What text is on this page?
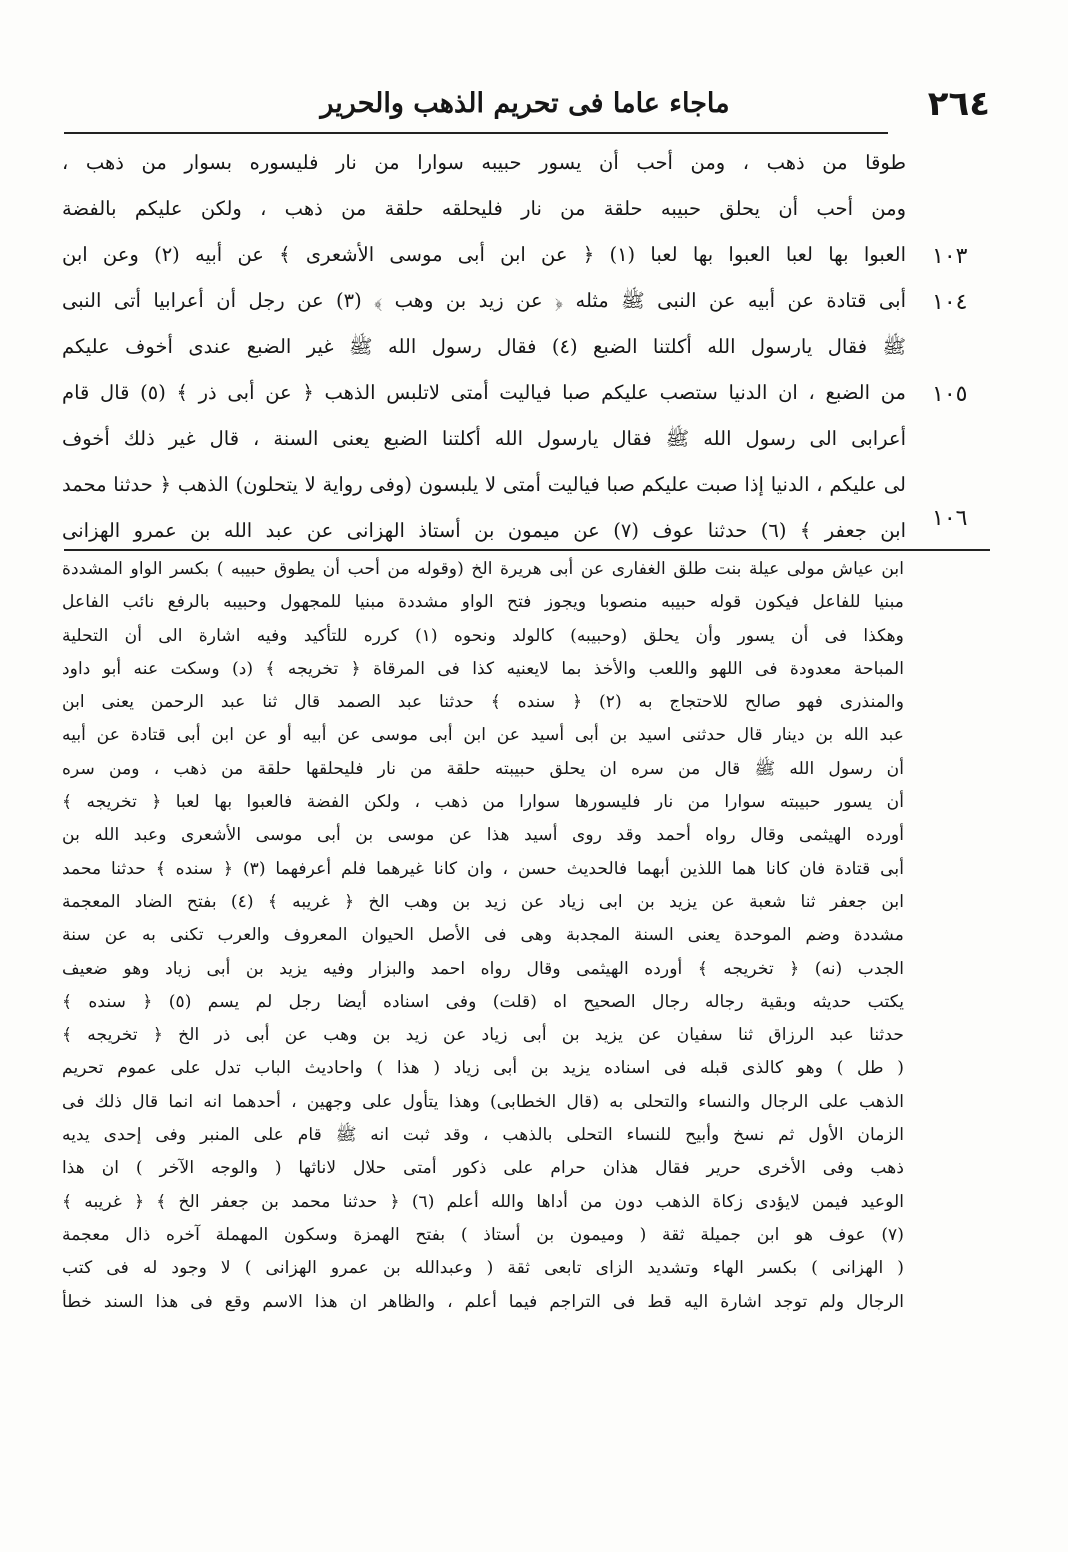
٢٦٤
ماجاء عاما فى تحريم الذهب والحرير
طوقا من ذهب ، ومن أحب أن يسور حبيبه سوارا من نار فليسوره بسوار من ذهب ،
ومن أحب أن يحلق حبيبه حلقة من نار فليحلقه حلقة من ذهب ، ولكن عليكم بالفضة
العبوا بها لعبا العبوا بها لعبا (١) ﴿ عن ابن أبى موسى الأشعرى ﴾ عن أبيه (٢) وعن ابن
أبى قتادة عن أبيه عن النبى ﷺ مثله ﴿ عن زيد بن وهب ﴾ (٣) عن رجل أن أعرابيا أتى النبى
ﷺ فقال يارسول الله أكلتنا الضبع (٤) فقال رسول الله ﷺ غير الضبع عندى أخوف عليكم
من الضبع ، ان الدنيا ستصب عليكم صبا فياليت أمتى لاتلبس الذهب ﴿ عن أبى ذر ﴾ (٥) قال قام
أعرابى الى رسول الله ﷺ فقال يارسول الله أكلتنا الضبع يعنى السنة ، قال غير ذلك أخوف
لى عليكم ، الدنيا إذا صبت عليكم صبا فياليت أمتى لا يلبسون (وفى رواية لا يتحلون) الذهب ﴿ حدثنا محمد
ابن جعفر ﴾ (٦) حدثنا عوف (٧) عن ميمون بن أستاذ الهزانى عن عبد الله بن عمرو الهزانى
١٠٣
١٠٤
١٠٥
١٠٦
ابن عياش مولى عيلة بنت طلق الغفارى عن أبى هريرة الخ (وقوله من أحب أن يطوق حبيبه ) بكسر الواو المشددة
مبنيا للفاعل فيكون قوله حبيبه منصوبا ويجوز فتح الواو مشددة مبنيا للمجهول وحبيبه بالرفع نائب الفاعل
وهكذا فى أن يسور وأن يحلق (وحبيبه) كالولد ونحوه (١) كرره للتأكيد وفيه اشارة الى أن التحلية
المباحة معدودة فى اللهو واللعب والأخذ بما لايعنيه كذا فى المرقاة ﴿ تخريجه ﴾ (د) وسكت عنه أبو داود
والمنذرى فهو صالح للاحتجاج به (٢) ﴿ سنده ﴾ حدثنا عبد الصمد قال ثنا عبد الرحمن يعنى ابن
عبد الله بن دينار قال حدثنى اسيد بن أبى أسيد عن ابن أبى موسى عن أبيه أو عن ابن أبى قتادة عن أبيه
أن رسول الله ﷺ قال من سره ان يحلق حبيبته حلقة من نار فليحلقها حلقة من ذهب ، ومن سره
أن يسور حبيبته سوارا من نار فليسورها سوارا من ذهب ، ولكن الفضة فالعبوا بها لعبا ﴿ تخريجه ﴾
أورده الهيثمى وقال رواه أحمد وقد روى أسيد هذا عن موسى بن أبى موسى الأشعرى وعبد الله بن
أبى قتادة فان كانا هما اللذين أبهما فالحديث حسن ، وان كانا غيرهما فلم أعرفهما (٣) ﴿ سنده ﴾ حدثنا محمد
ابن جعفر ثنا شعبة عن يزيد بن ابى زياد عن زيد بن وهب الخ ﴿ غريبه ﴾ (٤) بفتح الضاد المعجمة
مشددة وضم الموحدة يعنى السنة المجدبة وهى فى الأصل الحيوان المعروف والعرب تكنى به عن سنة
الجدب (نه) ﴿ تخريجه ﴾ أورده الهيثمى وقال رواه احمد والبزار وفيه يزيد بن أبى زياد وهو ضعيف
يكتب حديثه وبقية رجاله رجال الصحيح اه (قلت) وفى اسناده أيضا رجل لم يسم (٥) ﴿ سنده ﴾
حدثنا عبد الرزاق ثنا سفيان عن يزيد بن أبى زياد عن زيد بن وهب عن أبى ذر الخ ﴿ تخريجه ﴾
( طل ) وهو كالذى قبله فى اسناده يزيد بن أبى زياد ( هذا ) واحاديث الباب تدل على عموم تحريم
الذهب على الرجال والنساء والتحلى به (قال الخطابى) وهذا يتأول على وجهين ، أحدهما انه انما قال ذلك فى
الزمان الأول ثم نسخ وأبيح للنساء التحلى بالذهب ، وقد ثبت انه ﷺ قام على المنبر وفى إحدى يديه
ذهب وفى الأخرى حرير فقال هذان حرام على ذكور أمتى حلال لاناثها ( والوجه الآخر ) ان هذا
الوعيد فيمن لايؤدى زكاة الذهب دون من أداها والله أعلم (٦) ﴿ حدثنا محمد بن جعفر الخ ﴾ ﴿ غريبه ﴾
(٧) عوف هو ابن جميلة ثقة ( وميمون بن أستاذ ) بفتح الهمزة وسكون المهملة آخره ذال معجمة
( الهزانى ) بكسر الهاء وتشديد الزاى تابعى ثقة ( وعبدالله بن عمرو الهزانى ) لا وجود له فى كتب
الرجال ولم توجد اشارة اليه قط فى التراجم فيما أعلم ، والظاهر ان هذا الاسم وقع فى هذا السند خطأ
